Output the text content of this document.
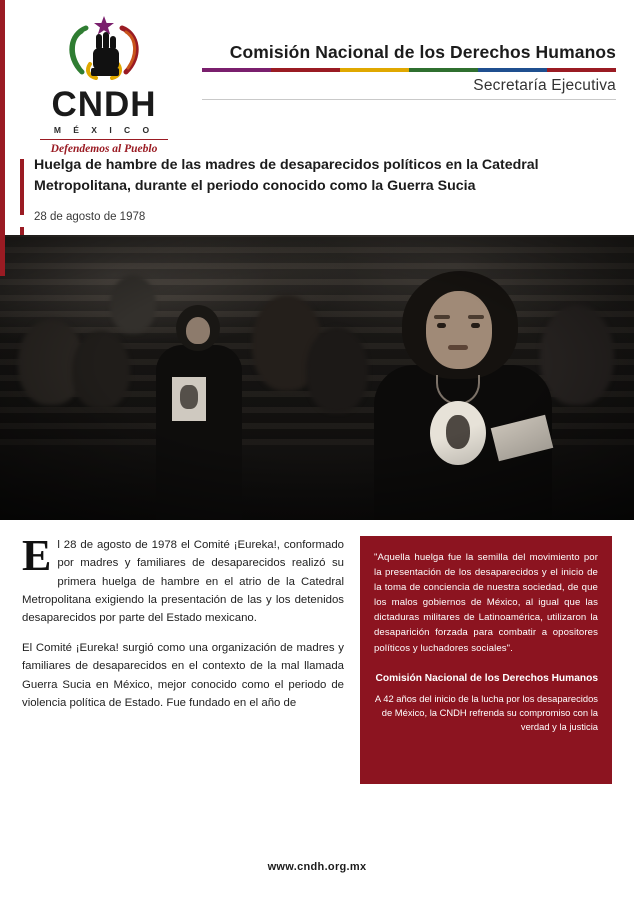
CNDH
M É X I C O
Defendemos al Pueblo
Comisión Nacional de los Derechos Humanos
Secretaría Ejecutiva
Huelga de hambre de las madres de desaparecidos políticos en la Catedral Metropolitana, durante el periodo conocido como la Guerra Sucia
28 de agosto de 1978

El 28 de agosto de 1978 el Comité ¡Eureka!, conformado por madres y familiares de desaparecidos realizó su primera huelga de hambre en el atrio de la Catedral Metropolitana exigiendo la presentación de las y los detenidos desaparecidos por parte del Estado mexicano.

El Comité ¡Eureka! surgió como una organización de madres y familiares de desaparecidos en el contexto de la mal llamada Guerra Sucia en México, mejor conocido como el periodo de violencia política de Estado. Fue fundado en el año de

"Aquella huelga fue la semilla del movimiento por la presentación de los desaparecidos y el inicio de la toma de conciencia de nuestra sociedad, de que los malos gobiernos de México, al igual que las dictaduras militares de Latinoamérica, utilizaron la desaparición forzada para combatir a opositores políticos y luchadores sociales".
Comisión Nacional de los Derechos Humanos
A 42 años del inicio de la lucha por los desaparecidos de México, la CNDH refrenda su compromiso con la verdad y la justicia
www.cndh.org.mx
